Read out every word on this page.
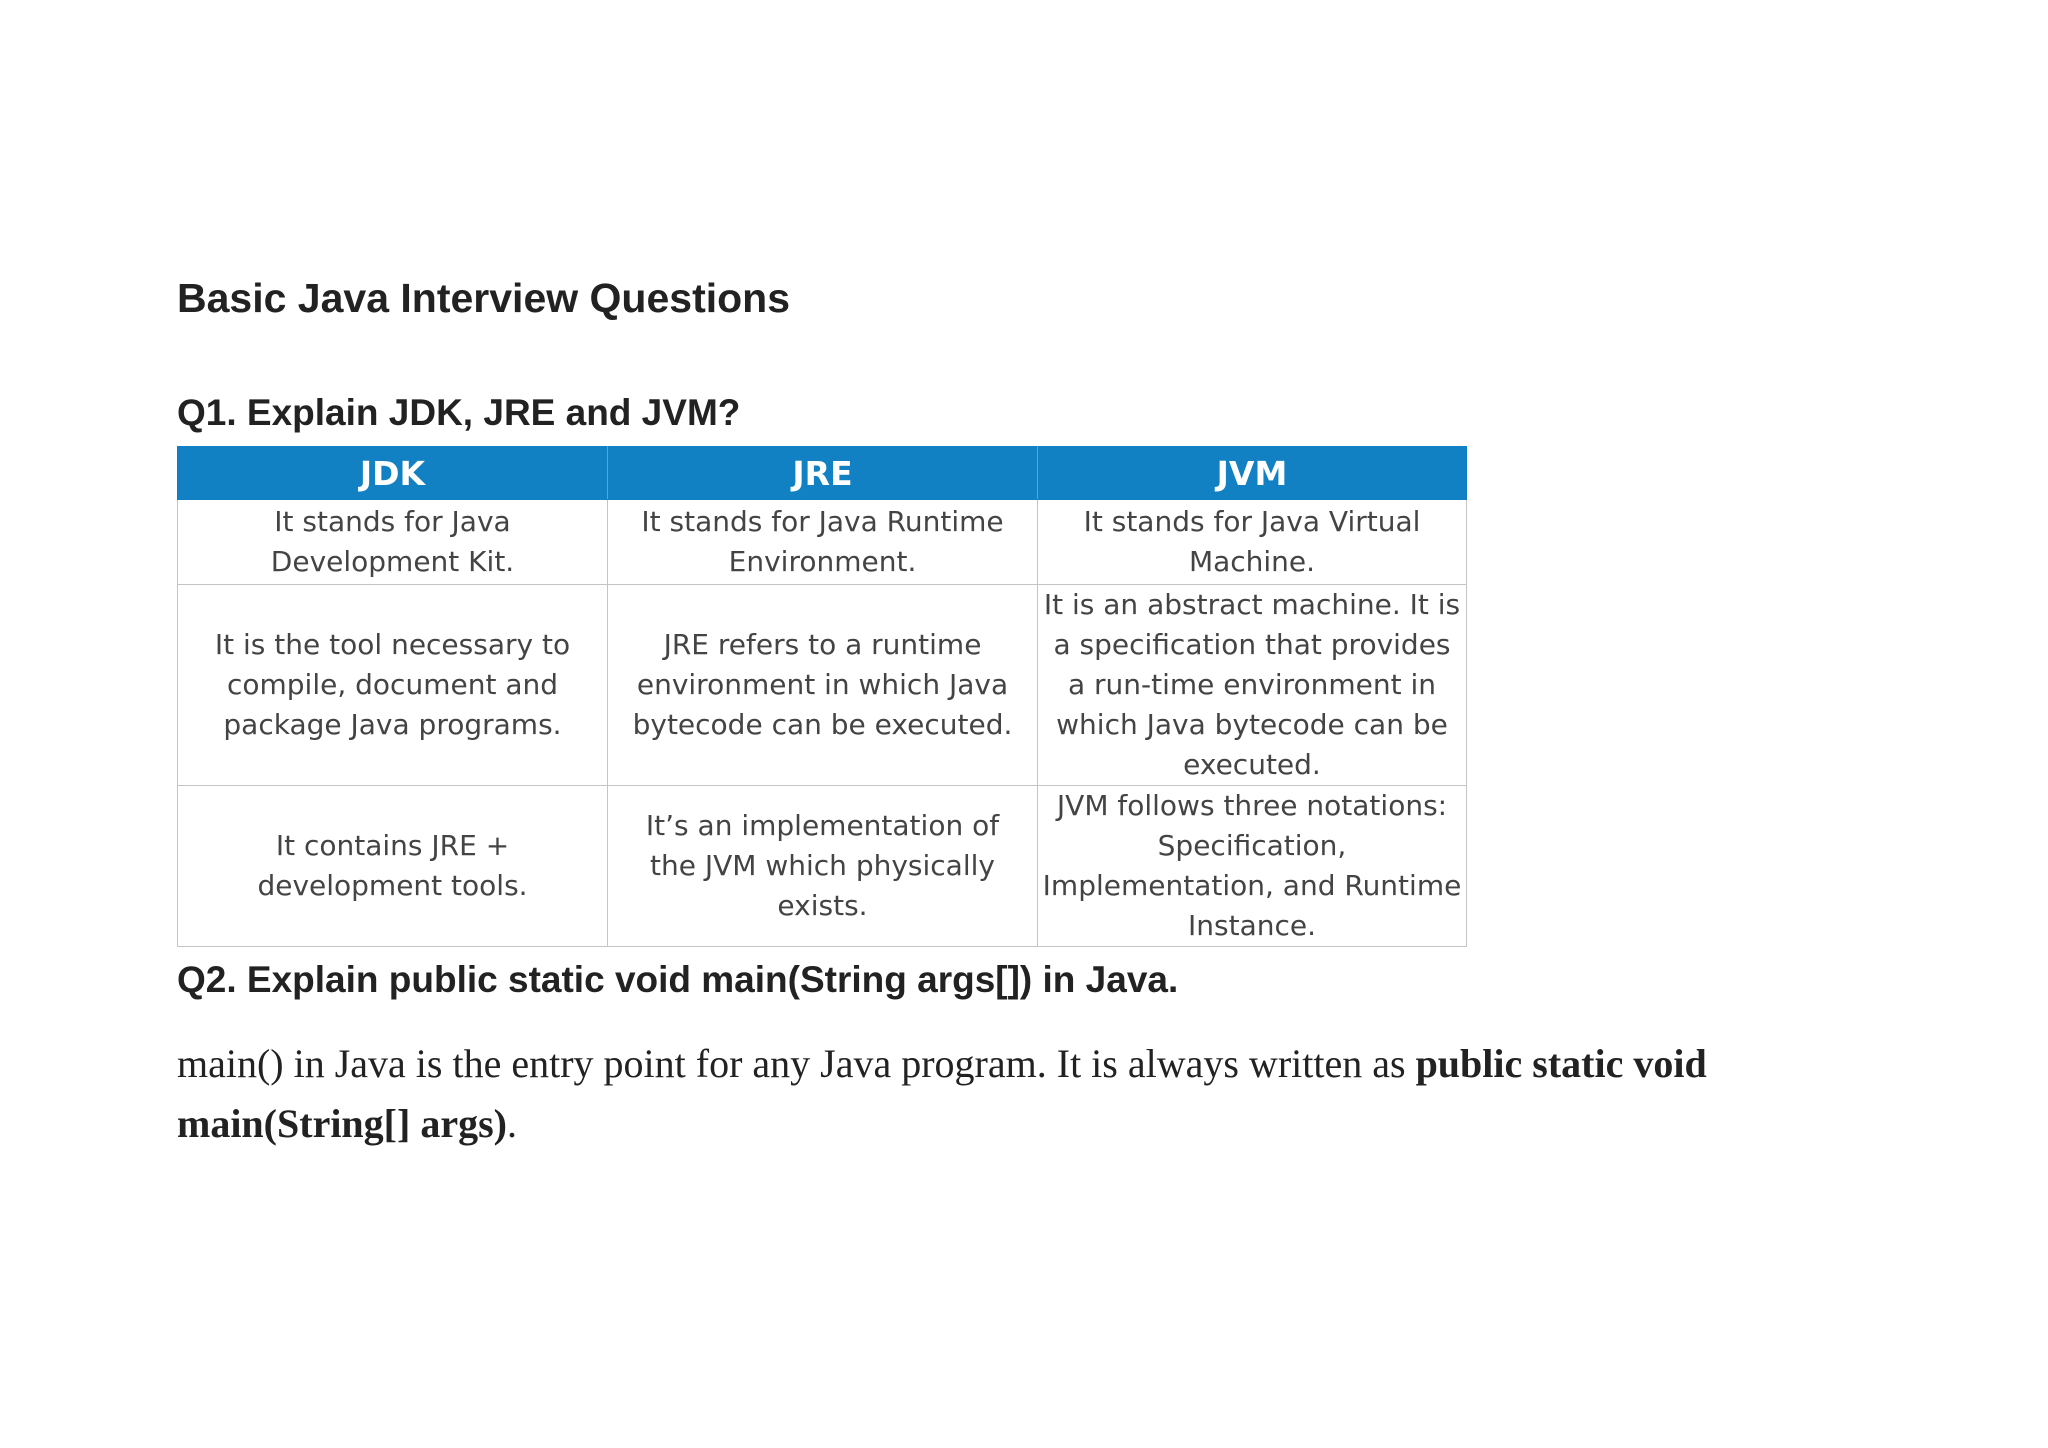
Basic Java Interview Questions
Q1. Explain JDK, JRE and JVM?
JDK	JRE	JVM
It stands for Java Development Kit.	It stands for Java Runtime Environment.	It stands for Java Virtual Machine.
It is the tool necessary to compile, document and package Java programs.	JRE refers to a runtime environment in which Java bytecode can be executed.	It is an abstract machine. It is a specification that provides a run-time environment in which Java bytecode can be executed.
It contains JRE + development tools.	It’s an implementation of the JVM which physically exists.	JVM follows three notations: Specification, Implementation, and Runtime Instance.
Q2. Explain public static void main(String args[]) in Java.

main() in Java is the entry point for any Java program. It is always written as public static void main(String[] args).
